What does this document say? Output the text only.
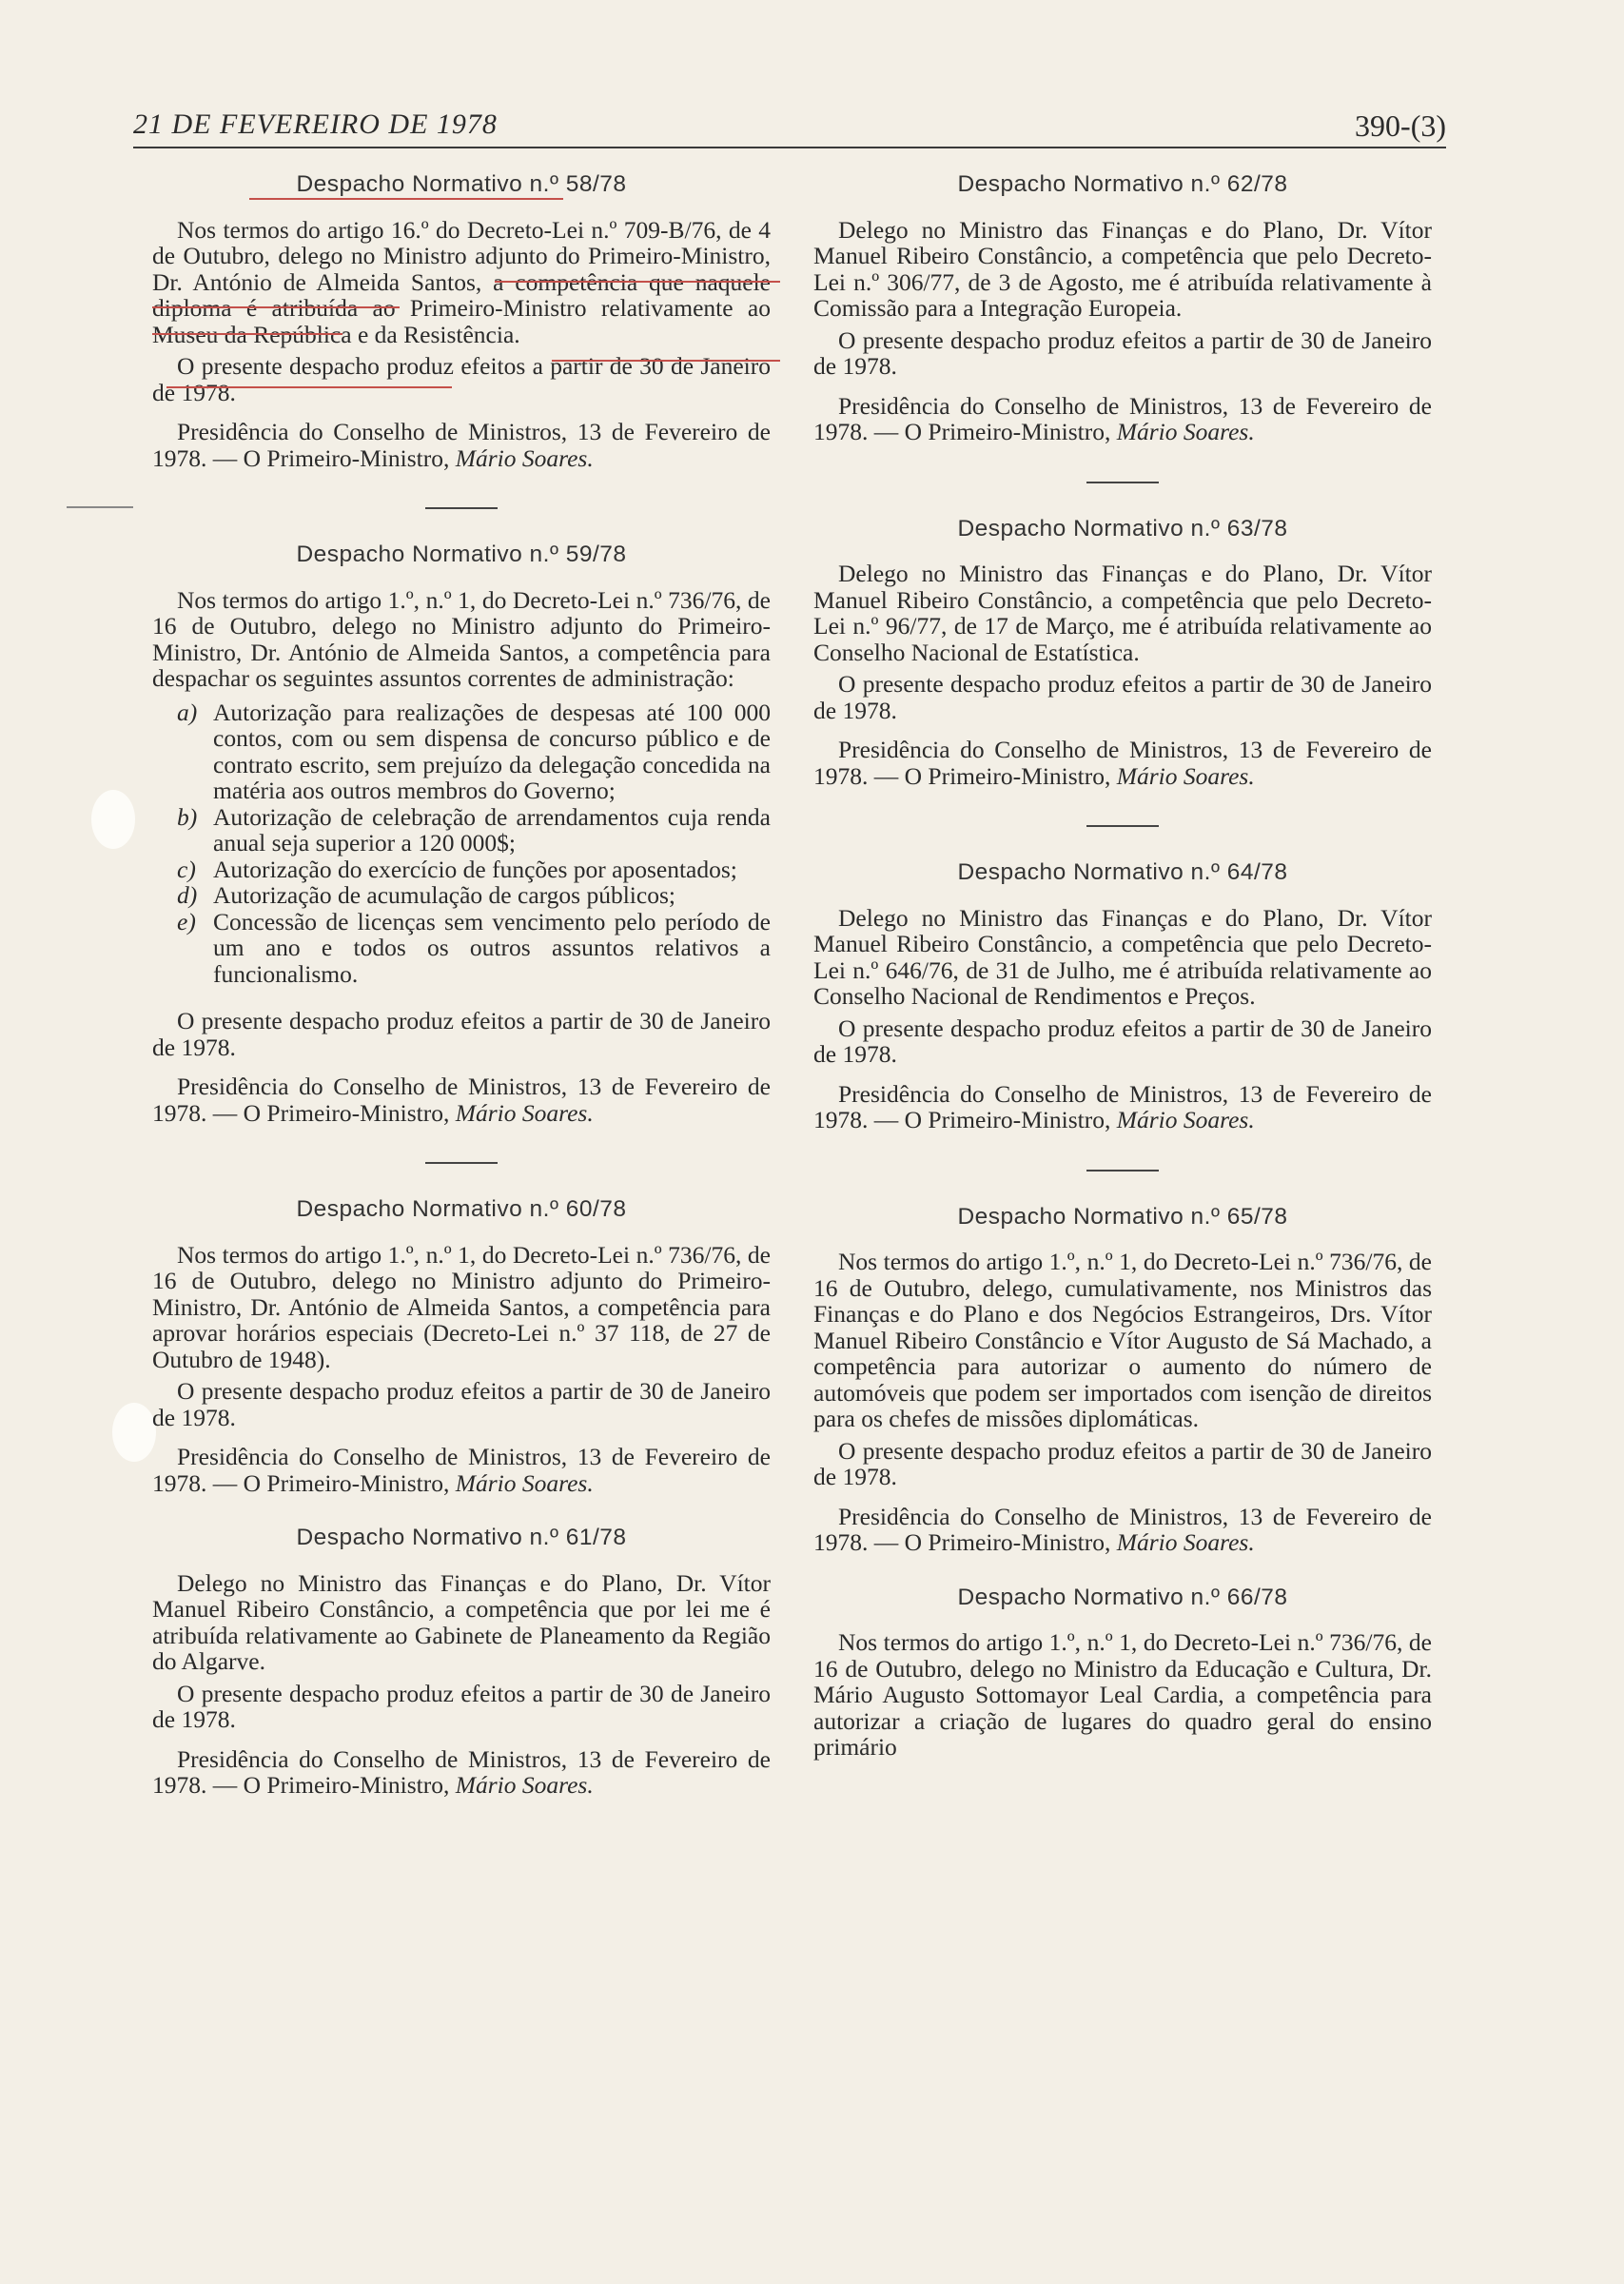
21 DE FEVEREIRO DE 1978	390-(3)
Despacho Normativo n.º 58/78

Nos termos do artigo 16.º do Decreto-Lei n.º 709-B/76, de 4 de Outubro, delego no Ministro adjunto do Primeiro-Ministro, Dr. António de Almeida Santos, a competência que naquele diploma é atribuída ao Primeiro-Ministro relativamente ao Museu da República e da Resistência.

O presente despacho produz efeitos a partir de 30 de Janeiro de 1978.

Presidência do Conselho de Ministros, 13 de Fevereiro de 1978. — O Primeiro-Ministro, Mário Soares.

Despacho Normativo n.º 59/78

Nos termos do artigo 1.º, n.º 1, do Decreto-Lei n.º 736/76, de 16 de Outubro, delego no Ministro adjunto do Primeiro-Ministro, Dr. António de Almeida Santos, a competência para despachar os seguintes assuntos correntes de administração:

a) Autorização para realizações de despesas até 100 000 contos, com ou sem dispensa de concurso público e de contrato escrito, sem prejuízo da delegação concedida na matéria aos outros membros do Governo;
b) Autorização de celebração de arrendamentos cuja renda anual seja superior a 120 000$;
c) Autorização do exercício de funções por aposentados;
d) Autorização de acumulação de cargos públicos;
e) Concessão de licenças sem vencimento pelo período de um ano e todos os outros assuntos relativos a funcionalismo.

O presente despacho produz efeitos a partir de 30 de Janeiro de 1978.

Presidência do Conselho de Ministros, 13 de Fevereiro de 1978. — O Primeiro-Ministro, Mário Soares.

Despacho Normativo n.º 60/78

Nos termos do artigo 1.º, n.º 1, do Decreto-Lei n.º 736/76, de 16 de Outubro, delego no Ministro adjunto do Primeiro-Ministro, Dr. António de Almeida Santos, a competência para aprovar horários especiais (Decreto-Lei n.º 37 118, de 27 de Outubro de 1948).

O presente despacho produz efeitos a partir de 30 de Janeiro de 1978.

Presidência do Conselho de Ministros, 13 de Fevereiro de 1978. — O Primeiro-Ministro, Mário Soares.

Despacho Normativo n.º 61/78

Delego no Ministro das Finanças e do Plano, Dr. Vítor Manuel Ribeiro Constâncio, a competência que por lei me é atribuída relativamente ao Gabinete de Planeamento da Região do Algarve.

O presente despacho produz efeitos a partir de 30 de Janeiro de 1978.

Presidência do Conselho de Ministros, 13 de Fevereiro de 1978. — O Primeiro-Ministro, Mário Soares.

Despacho Normativo n.º 62/78

Delego no Ministro das Finanças e do Plano, Dr. Vítor Manuel Ribeiro Constâncio, a competência que pelo Decreto-Lei n.º 306/77, de 3 de Agosto, me é atribuída relativamente à Comissão para a Integração Europeia.

O presente despacho produz efeitos a partir de 30 de Janeiro de 1978.

Presidência do Conselho de Ministros, 13 de Fevereiro de 1978. — O Primeiro-Ministro, Mário Soares.

Despacho Normativo n.º 63/78

Delego no Ministro das Finanças e do Plano, Dr. Vítor Manuel Ribeiro Constâncio, a competência que pelo Decreto-Lei n.º 96/77, de 17 de Março, me é atribuída relativamente ao Conselho Nacional de Estatística.

O presente despacho produz efeitos a partir de 30 de Janeiro de 1978.

Presidência do Conselho de Ministros, 13 de Fevereiro de 1978. — O Primeiro-Ministro, Mário Soares.

Despacho Normativo n.º 64/78

Delego no Ministro das Finanças e do Plano, Dr. Vítor Manuel Ribeiro Constâncio, a competência que pelo Decreto-Lei n.º 646/76, de 31 de Julho, me é atribuída relativamente ao Conselho Nacional de Rendimentos e Preços.

O presente despacho produz efeitos a partir de 30 de Janeiro de 1978.

Presidência do Conselho de Ministros, 13 de Fevereiro de 1978. — O Primeiro-Ministro, Mário Soares.

Despacho Normativo n.º 65/78

Nos termos do artigo 1.º, n.º 1, do Decreto-Lei n.º 736/76, de 16 de Outubro, delego, cumulativamente, nos Ministros das Finanças e do Plano e dos Negócios Estrangeiros, Drs. Vítor Manuel Ribeiro Constâncio e Vítor Augusto de Sá Machado, a competência para autorizar o aumento do número de automóveis que podem ser importados com isenção de direitos para os chefes de missões diplomáticas.

O presente despacho produz efeitos a partir de 30 de Janeiro de 1978.

Presidência do Conselho de Ministros, 13 de Fevereiro de 1978. — O Primeiro-Ministro, Mário Soares.

Despacho Normativo n.º 66/78

Nos termos do artigo 1.º, n.º 1, do Decreto-Lei n.º 736/76, de 16 de Outubro, delego no Ministro da Educação e Cultura, Dr. Mário Augusto Sottomayor Leal Cardia, a competência para autorizar a criação de lugares do quadro geral do ensino primário
